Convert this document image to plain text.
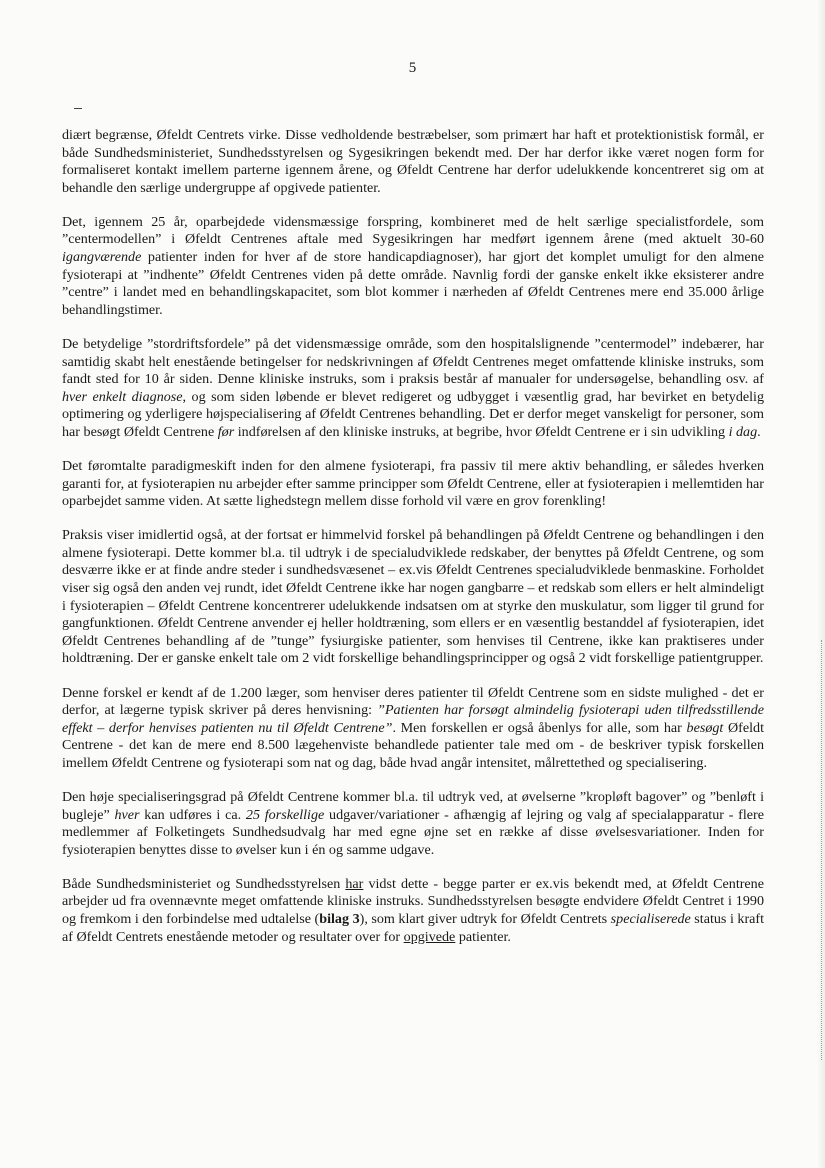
5

diært begrænse, Øfeldt Centrets virke. Disse vedholdende bestræbelser, som primært har haft et protektionistisk formål, er både Sundhedsministeriet, Sundhedsstyrelsen og Sygesikringen bekendt med. Der har derfor ikke været nogen form for formaliseret kontakt imellem parterne igennem årene, og Øfeldt Centrene har derfor udelukkende koncentreret sig om at behandle den særlige undergruppe af opgivede patienter.

Det, igennem 25 år, oparbejdede vidensmæssige forspring, kombineret med de helt særlige specialistfordele, som ”centermodellen” i Øfeldt Centrenes aftale med Sygesikringen har medført igennem årene (med aktuelt 30-60 igangværende patienter inden for hver af de store handicapdiagnoser), har gjort det komplet umuligt for den almene fysioterapi at ”indhente” Øfeldt Centrenes viden på dette område. Navnlig fordi der ganske enkelt ikke eksisterer andre ”centre” i landet med en behandlingskapacitet, som blot kommer i nærheden af Øfeldt Centrenes mere end 35.000 årlige behandlingstimer.

De betydelige ”stordriftsfordele” på det vidensmæssige område, som den hospitalslignende ”centermodel” indebærer, har samtidig skabt helt enestående betingelser for nedskrivningen af Øfeldt Centrenes meget omfattende kliniske instruks, som fandt sted for 10 år siden. Denne kliniske instruks, som i praksis består af manualer for undersøgelse, behandling osv. af hver enkelt diagnose, og som siden løbende er blevet redigeret og udbygget i væsentlig grad, har bevirket en betydelig optimering og yderligere højspecialisering af Øfeldt Centrenes behandling. Det er derfor meget vanskeligt for personer, som har besøgt Øfeldt Centrene før indførelsen af den kliniske instruks, at begribe, hvor Øfeldt Centrene er i sin udvikling i dag.

Det føromtalte paradigmeskift inden for den almene fysioterapi, fra passiv til mere aktiv behandling, er således hverken garanti for, at fysioterapien nu arbejder efter samme principper som Øfeldt Centrene, eller at fysioterapien i mellemtiden har oparbejdet samme viden. At sætte lighedstegn mellem disse forhold vil være en grov forenkling!

Praksis viser imidlertid også, at der fortsat er himmelvid forskel på behandlingen på Øfeldt Centrene og behandlingen i den almene fysioterapi. Dette kommer bl.a. til udtryk i de specialudviklede redskaber, der benyttes på Øfeldt Centrene, og som desværre ikke er at finde andre steder i sundhedsvæsenet – ex.vis Øfeldt Centrenes specialudviklede benmaskine. Forholdet viser sig også den anden vej rundt, idet Øfeldt Centrene ikke har nogen gangbarre – et redskab som ellers er helt almindeligt i fysioterapien – Øfeldt Centrene koncentrerer udelukkende indsatsen om at styrke den muskulatur, som ligger til grund for gangfunktionen. Øfeldt Centrene anvender ej heller holdtræning, som ellers er en væsentlig bestanddel af fysioterapien, idet Øfeldt Centrenes behandling af de ”tunge” fysiurgiske patienter, som henvises til Centrene, ikke kan praktiseres under holdtræning. Der er ganske enkelt tale om 2 vidt forskellige behandlingsprincipper og også 2 vidt forskellige patientgrupper.

Denne forskel er kendt af de 1.200 læger, som henviser deres patienter til Øfeldt Centrene som en sidste mulighed - det er derfor, at lægerne typisk skriver på deres henvisning: ”Patienten har forsøgt almindelig fysioterapi uden tilfredsstillende effekt – derfor henvises patienten nu til Øfeldt Centrene”. Men forskellen er også åbenlys for alle, som har besøgt Øfeldt Centrene - det kan de mere end 8.500 lægehenviste behandlede patienter tale med om - de beskriver typisk forskellen imellem Øfeldt Centrene og fysioterapi som nat og dag, både hvad angår intensitet, målrettethed og specialisering.

Den høje specialiseringsgrad på Øfeldt Centrene kommer bl.a. til udtryk ved, at øvelserne ”kropløft bagover” og ”benløft i bugleje” hver kan udføres i ca. 25 forskellige udgaver/variationer - afhængig af lejring og valg af specialapparatur - flere medlemmer af Folketingets Sundhedsudvalg har med egne øjne set en række af disse øvelsesvariationer. Inden for fysioterapien benyttes disse to øvelser kun i én og samme udgave.

Både Sundhedsministeriet og Sundhedsstyrelsen har vidst dette - begge parter er ex.vis bekendt med, at Øfeldt Centrene arbejder ud fra ovennævnte meget omfattende kliniske instruks. Sundhedsstyrelsen besøgte endvidere Øfeldt Centret i 1990 og fremkom i den forbindelse med udtalelse (bilag 3), som klart giver udtryk for Øfeldt Centrets specialiserede status i kraft af Øfeldt Centrets enestående metoder og resultater over for opgivede patienter.
